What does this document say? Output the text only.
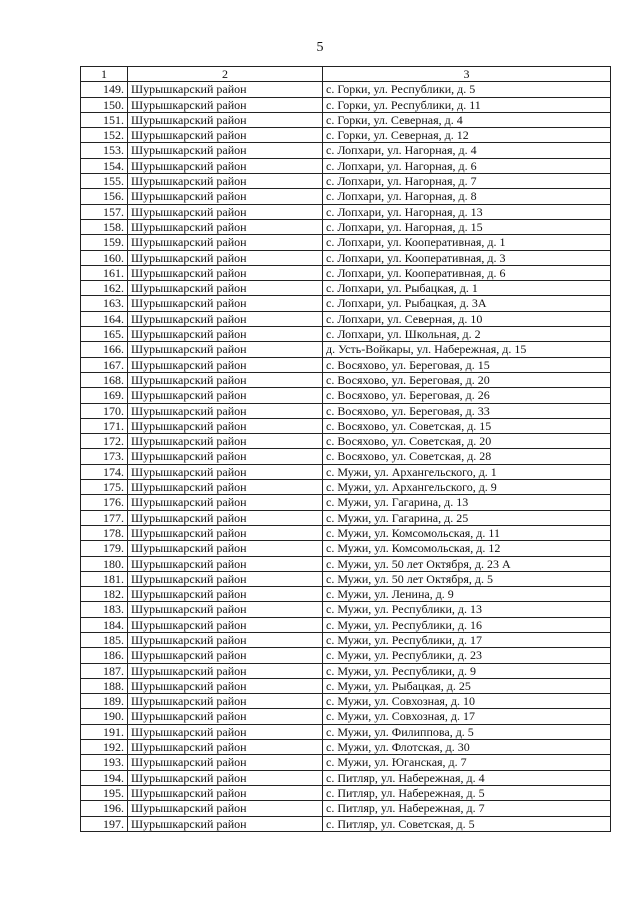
5
1	2	3
149.	Шурышкарский район	с. Горки, ул. Республики, д. 5
150.	Шурышкарский район	с. Горки, ул. Республики, д. 11
151.	Шурышкарский район	с. Горки, ул. Северная, д. 4
152.	Шурышкарский район	с. Горки, ул. Северная, д. 12
153.	Шурышкарский район	с. Лопхари, ул. Нагорная, д. 4
154.	Шурышкарский район	с. Лопхари, ул. Нагорная, д. 6
155.	Шурышкарский район	с. Лопхари, ул. Нагорная, д. 7
156.	Шурышкарский район	с. Лопхари, ул. Нагорная, д. 8
157.	Шурышкарский район	с. Лопхари, ул. Нагорная, д. 13
158.	Шурышкарский район	с. Лопхари, ул. Нагорная, д. 15
159.	Шурышкарский район	с. Лопхари, ул. Кооперативная, д. 1
160.	Шурышкарский район	с. Лопхари, ул. Кооперативная, д. 3
161.	Шурышкарский район	с. Лопхари, ул. Кооперативная, д. 6
162.	Шурышкарский район	с. Лопхари, ул. Рыбацкая, д. 1
163.	Шурышкарский район	с. Лопхари, ул. Рыбацкая, д. 3А
164.	Шурышкарский район	с. Лопхари, ул. Северная, д. 10
165.	Шурышкарский район	с. Лопхари, ул. Школьная, д. 2
166.	Шурышкарский район	д. Усть-Войкары, ул. Набережная, д. 15
167.	Шурышкарский район	с. Восяхово, ул. Береговая, д. 15
168.	Шурышкарский район	с. Восяхово, ул. Береговая, д. 20
169.	Шурышкарский район	с. Восяхово, ул. Береговая, д. 26
170.	Шурышкарский район	с. Восяхово, ул. Береговая, д. 33
171.	Шурышкарский район	с. Восяхово, ул. Советская, д. 15
172.	Шурышкарский район	с. Восяхово, ул. Советская, д. 20
173.	Шурышкарский район	с. Восяхово, ул. Советская, д. 28
174.	Шурышкарский район	с. Мужи, ул. Архангельского, д. 1
175.	Шурышкарский район	с. Мужи, ул. Архангельского, д. 9
176.	Шурышкарский район	с. Мужи, ул. Гагарина, д. 13
177.	Шурышкарский район	с. Мужи, ул. Гагарина, д. 25
178.	Шурышкарский район	с. Мужи, ул. Комсомольская, д. 11
179.	Шурышкарский район	с. Мужи, ул. Комсомольская, д. 12
180.	Шурышкарский район	с. Мужи, ул. 50 лет Октября, д. 23 А
181.	Шурышкарский район	с. Мужи, ул. 50 лет Октября, д. 5
182.	Шурышкарский район	с. Мужи, ул. Ленина, д. 9
183.	Шурышкарский район	с. Мужи, ул. Республики, д. 13
184.	Шурышкарский район	с. Мужи, ул. Республики, д. 16
185.	Шурышкарский район	с. Мужи, ул. Республики, д. 17
186.	Шурышкарский район	с. Мужи, ул. Республики, д. 23
187.	Шурышкарский район	с. Мужи, ул. Республики, д. 9
188.	Шурышкарский район	с. Мужи, ул. Рыбацкая, д. 25
189.	Шурышкарский район	с. Мужи, ул. Совхозная, д. 10
190.	Шурышкарский район	с. Мужи, ул. Совхозная, д. 17
191.	Шурышкарский район	с. Мужи, ул. Филиппова, д. 5
192.	Шурышкарский район	с. Мужи, ул. Флотская, д. 30
193.	Шурышкарский район	с. Мужи, ул. Юганская, д. 7
194.	Шурышкарский район	с. Питляр, ул. Набережная, д. 4
195.	Шурышкарский район	с. Питляр, ул. Набережная, д. 5
196.	Шурышкарский район	с. Питляр, ул. Набережная, д. 7
197.	Шурышкарский район	с. Питляр, ул. Советская, д. 5
